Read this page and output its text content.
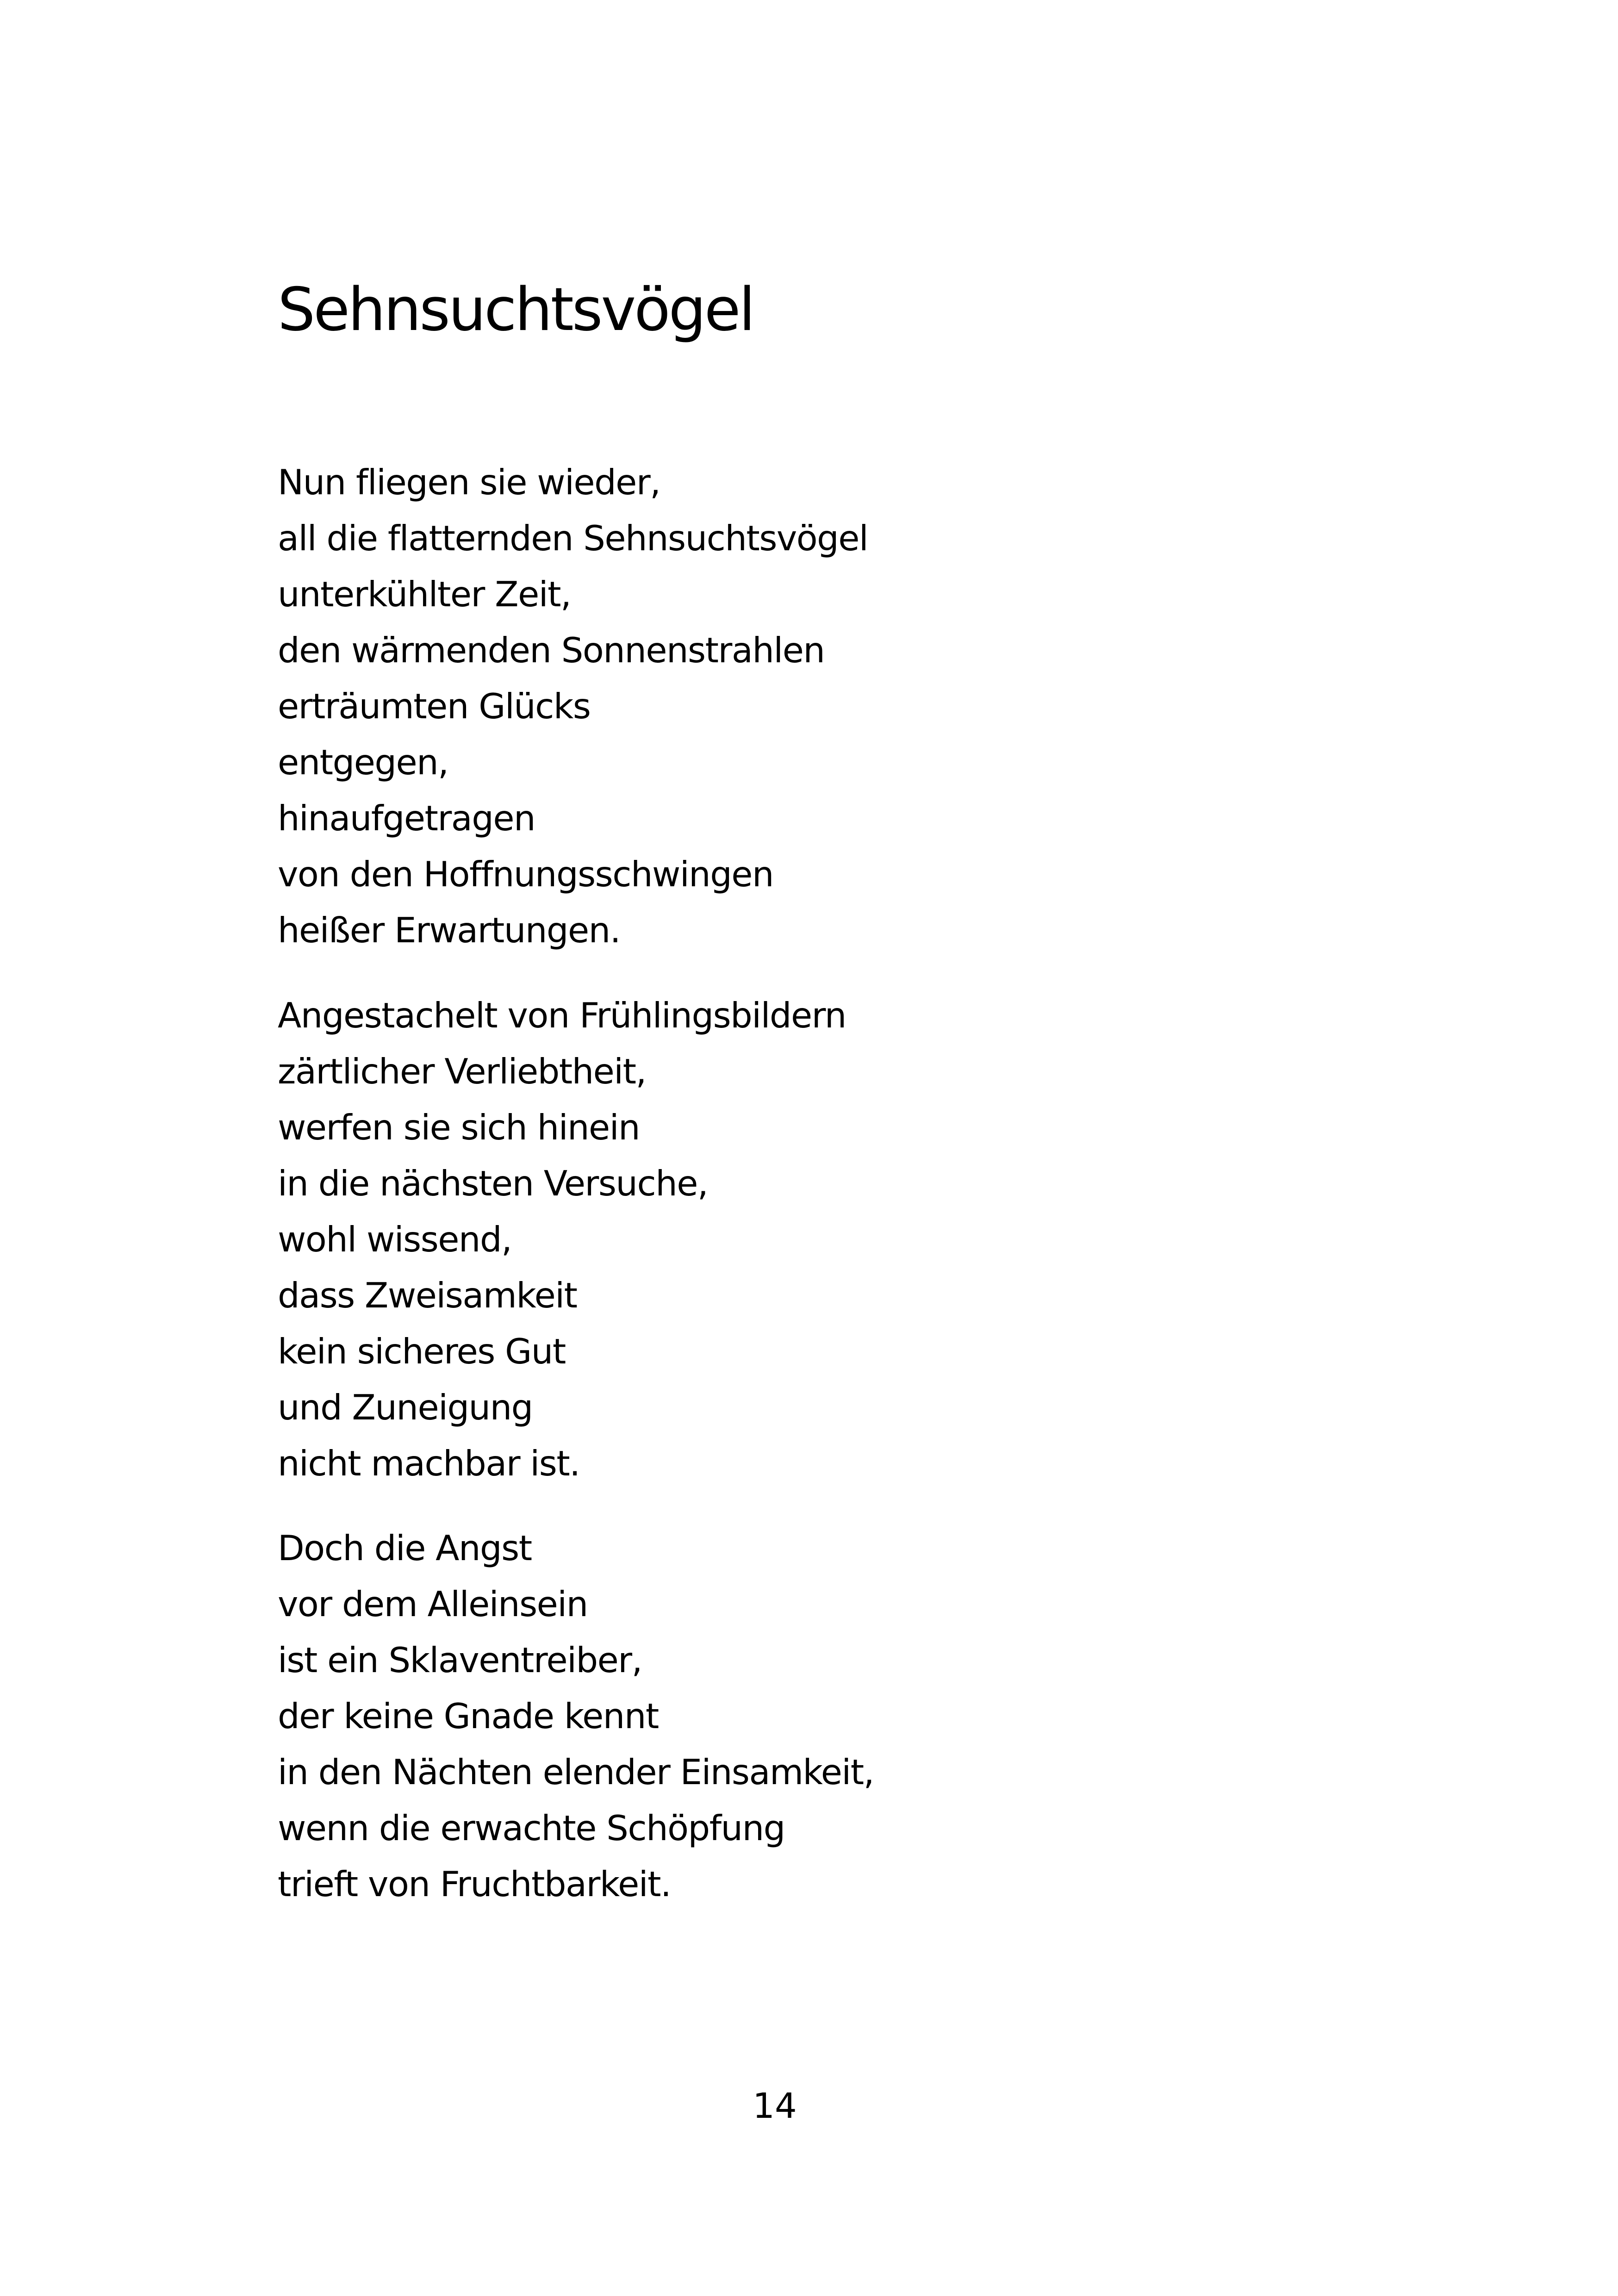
Sehnsuchtsvögel
Nun fliegen sie wieder,
all die flatternden Sehnsuchtsvögel
unterkühlter Zeit,
den wärmenden Sonnenstrahlen
erträumten Glücks
entgegen,
hinaufgetragen
von den Hoffnungsschwingen
heißer Erwartungen.
Angestachelt von Frühlingsbildern
zärtlicher Verliebtheit,
werfen sie sich hinein
in die nächsten Versuche,
wohl wissend,
dass Zweisamkeit
kein sicheres Gut
und Zuneigung
nicht machbar ist.
Doch die Angst
vor dem Alleinsein
ist ein Sklaventreiber,
der keine Gnade kennt
in den Nächten elender Einsamkeit,
wenn die erwachte Schöpfung
trieft von Fruchtbarkeit.
14
